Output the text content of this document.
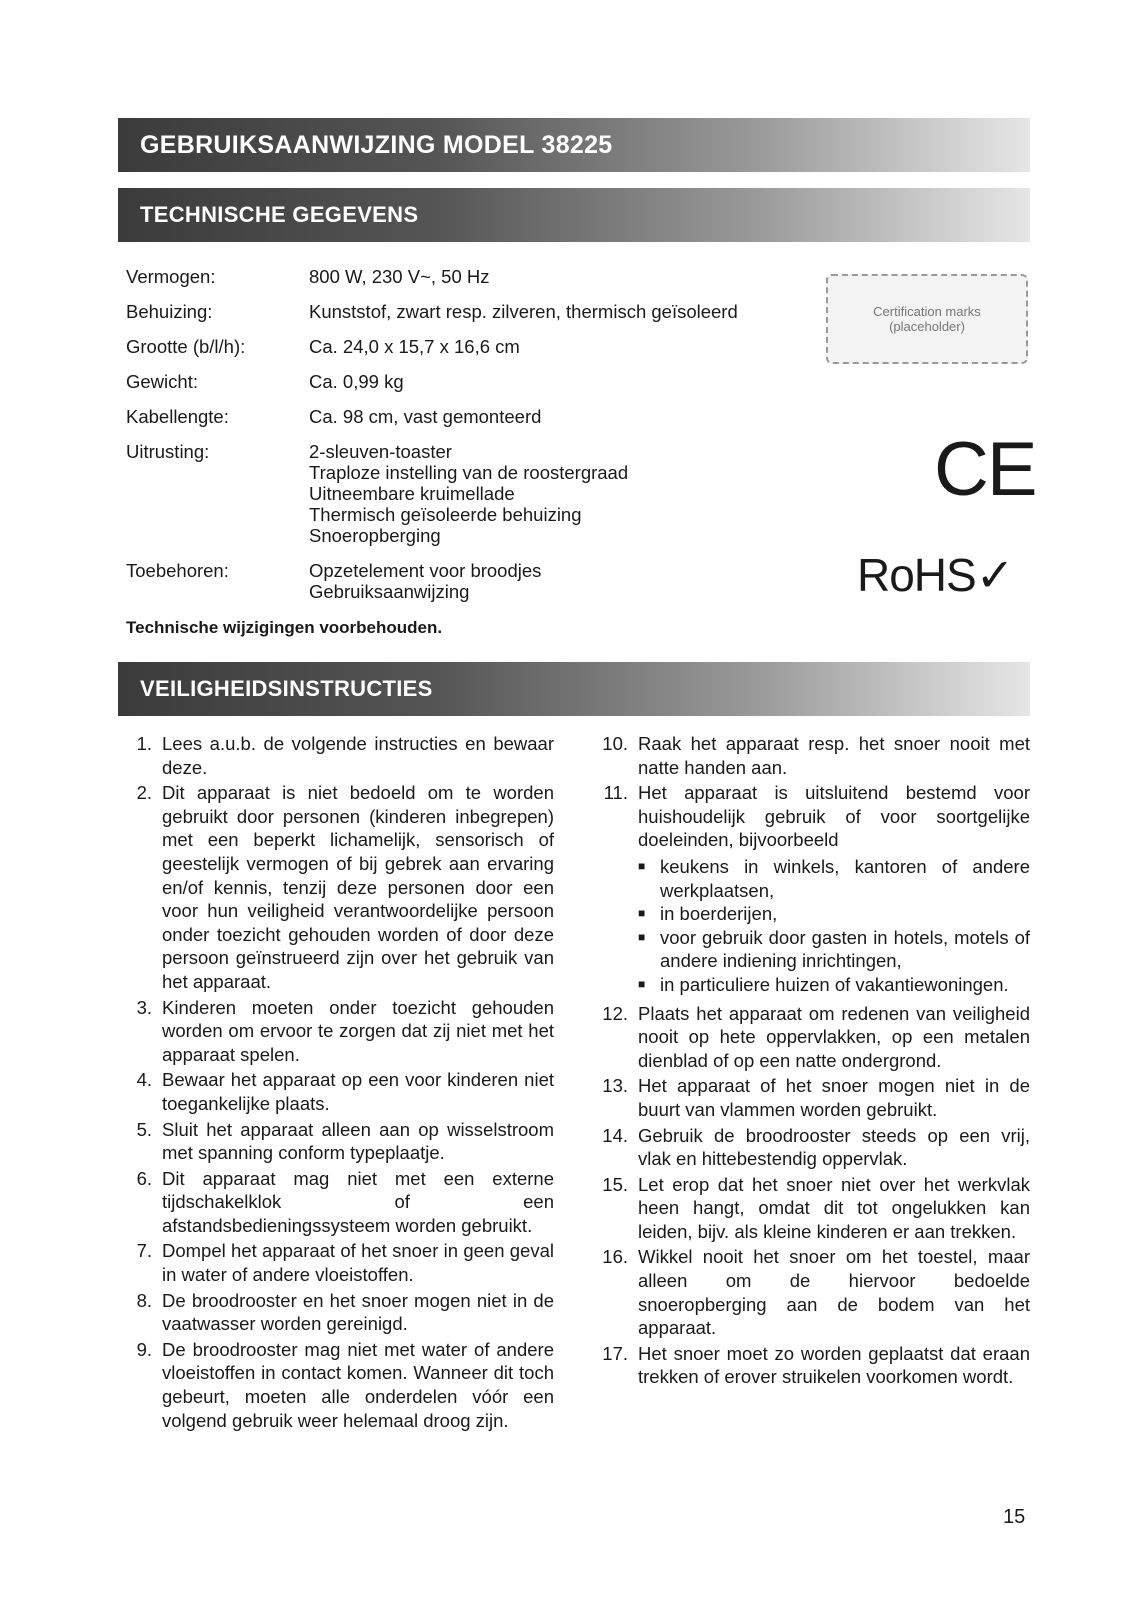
GEBRUIKSAANWIJZING MODEL 38225
TECHNISCHE GEGEVENS
Vermogen:	800 W, 230 V~, 50 Hz
Behuizing:	Kunststof, zwart resp. zilveren, thermisch geïsoleerd
Grootte (b/l/h):	Ca. 24,0 x 15,7 x 16,6 cm
Gewicht:	Ca. 0,99 kg
Kabellengte:	Ca. 98 cm, vast gemonteerd
Uitrusting:	2-sleuven-toaster
Traploze instelling van de roostergraad
Uitneembare kruimellade
Thermisch geïsoleerde behuizing
Snoeropberging
Toebehoren:	Opzetelement voor broodjes
Gebruiksaanwijzing
Technische wijzigingen voorbehouden.
Certification marks (placeholder)
CE
RoHS✓
VEILIGHEIDSINSTRUCTIES
1. Lees a.u.b. de volgende instructies en bewaar deze.
2. Dit apparaat is niet bedoeld om te worden gebruikt door personen (kinderen inbegrepen) met een beperkt lichamelijk, sensorisch of geestelijk vermogen of bij gebrek aan ervaring en/of kennis, tenzij deze personen door een voor hun veiligheid verantwoordelijke persoon onder toezicht gehouden worden of door deze persoon geïnstrueerd zijn over het gebruik van het apparaat.
3. Kinderen moeten onder toezicht gehouden worden om ervoor te zorgen dat zij niet met het apparaat spelen.
4. Bewaar het apparaat op een voor kinderen niet toegankelijke plaats.
5. Sluit het apparaat alleen aan op wisselstroom met spanning conform typeplaatje.
6. Dit apparaat mag niet met een externe tijdschakelklok of een afstandsbedieningssysteem worden gebruikt.
7. Dompel het apparaat of het snoer in geen geval in water of andere vloeistoffen.
8. De broodrooster en het snoer mogen niet in de vaatwasser worden gereinigd.
9. De broodrooster mag niet met water of andere vloeistoffen in contact komen. Wanneer dit toch gebeurt, moeten alle onderdelen vóór een volgend gebruik weer helemaal droog zijn.
10. Raak het apparaat resp. het snoer nooit met natte handen aan.
11. Het apparaat is uitsluitend bestemd voor huishoudelijk gebruik of voor soortgelijke doeleinden, bijvoorbeeld
■ keukens in winkels, kantoren of andere werkplaatsen,
■ in boerderijen,
■ voor gebruik door gasten in hotels, motels of andere indiening inrichtingen,
■ in particuliere huizen of vakantiewoningen.
12. Plaats het apparaat om redenen van veiligheid nooit op hete oppervlakken, op een metalen dienblad of op een natte ondergrond.
13. Het apparaat of het snoer mogen niet in de buurt van vlammen worden gebruikt.
14. Gebruik de broodrooster steeds op een vrij, vlak en hittebestendig oppervlak.
15. Let erop dat het snoer niet over het werkvlak heen hangt, omdat dit tot ongelukken kan leiden, bijv. als kleine kinderen er aan trekken.
16. Wikkel nooit het snoer om het toestel, maar alleen om de hiervoor bedoelde snoeropberging aan de bodem van het apparaat.
17. Het snoer moet zo worden geplaatst dat eraan trekken of erover struikelen voorkomen wordt.
15
